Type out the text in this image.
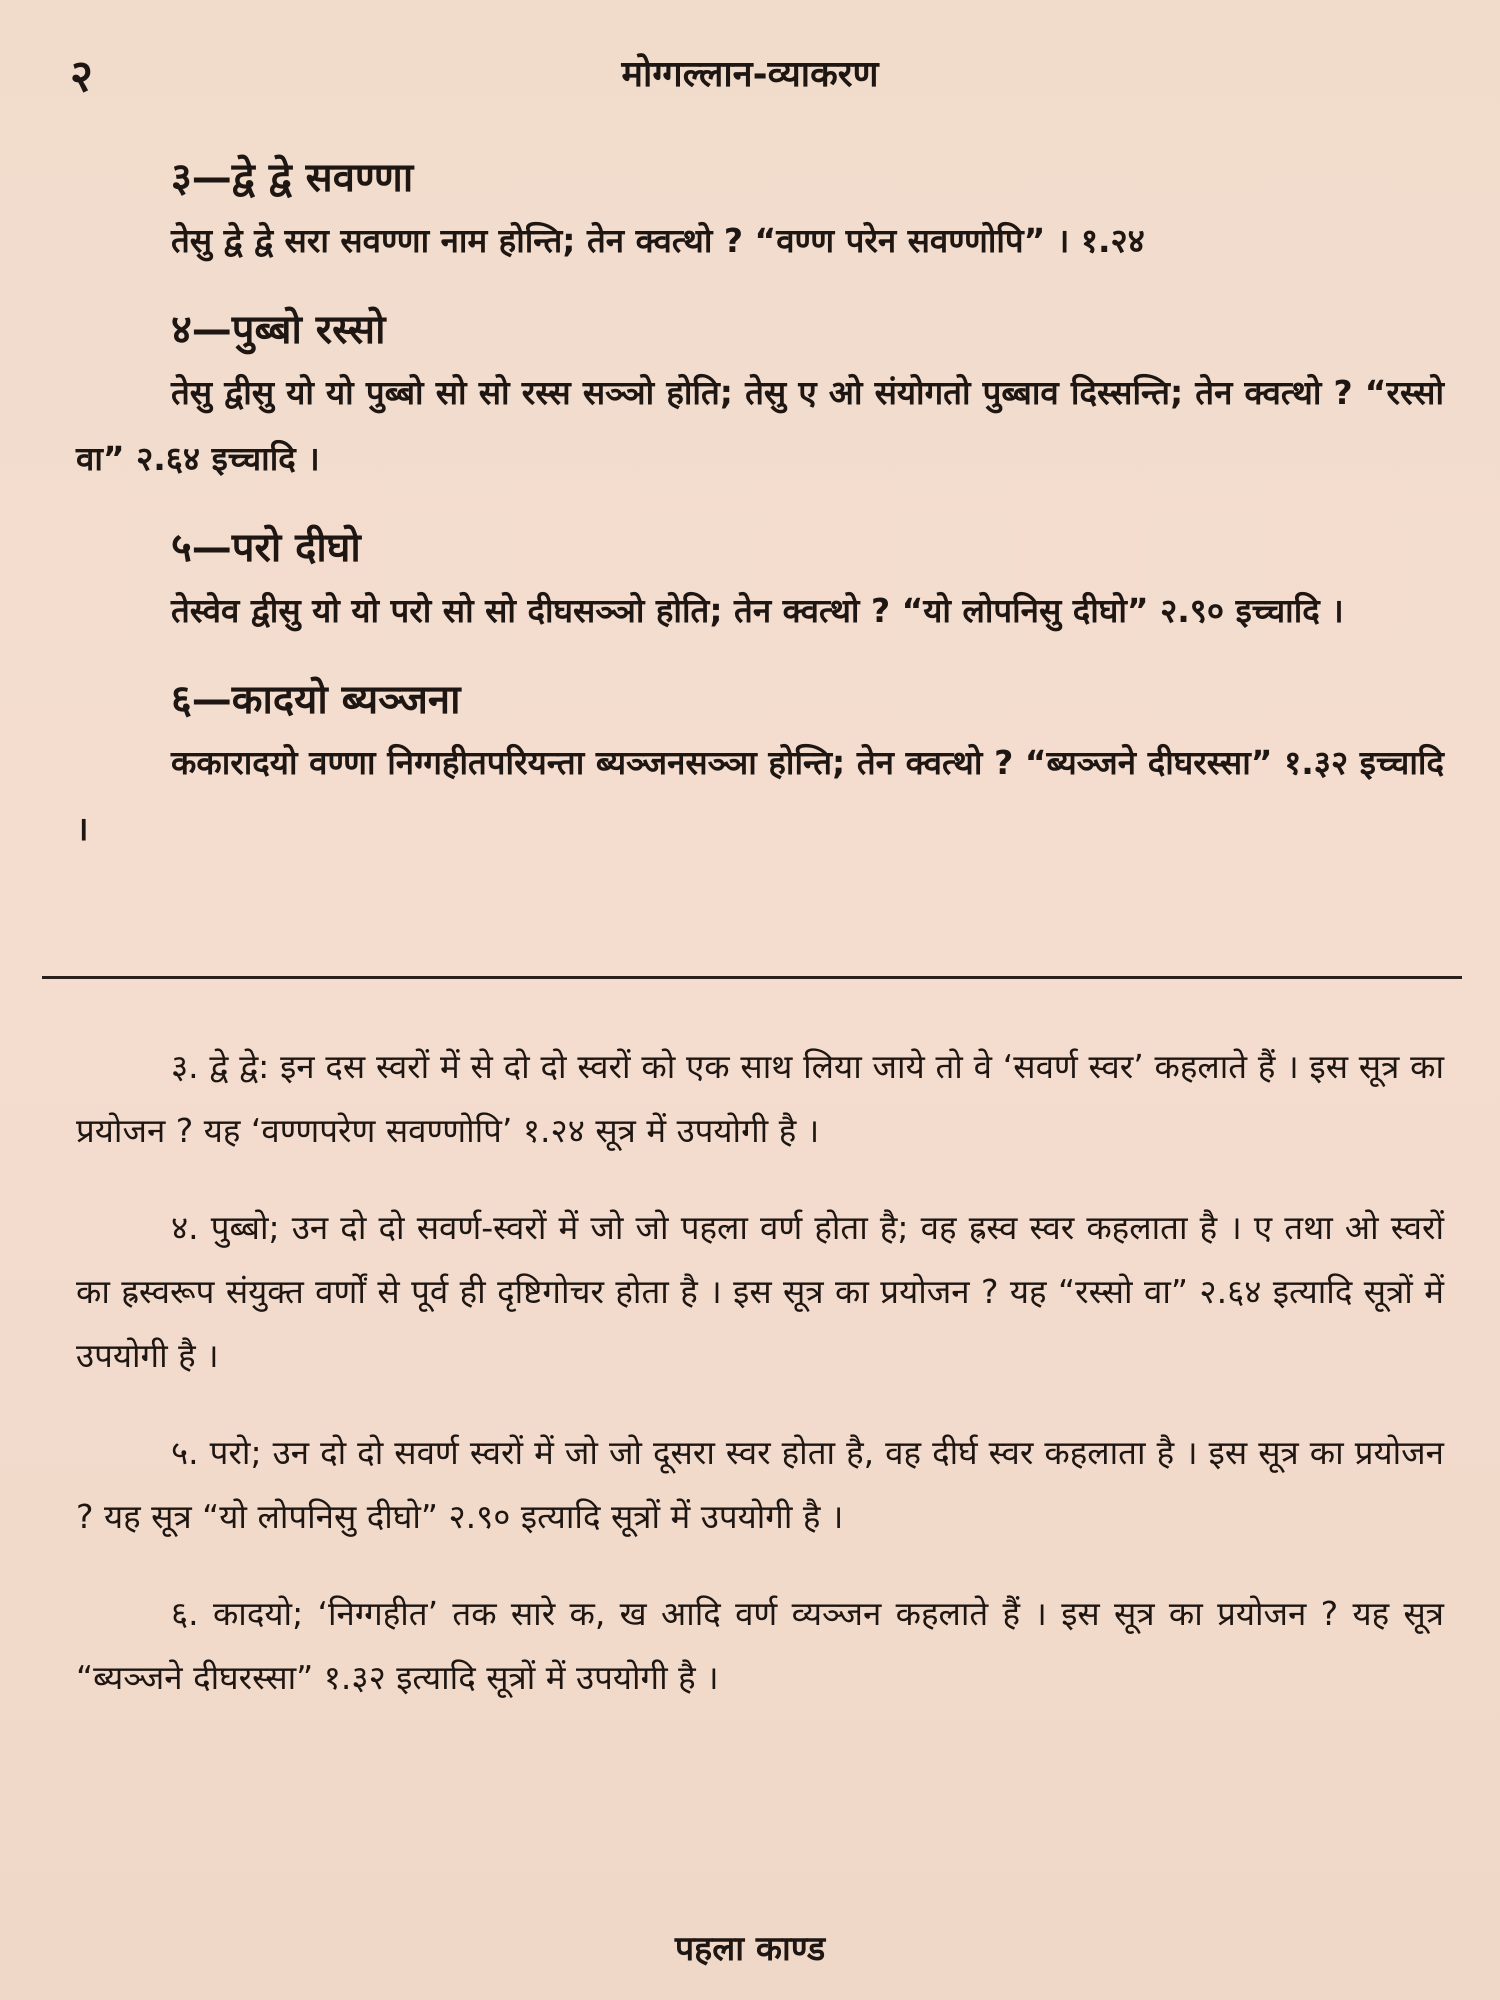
२	मोग्गल्लान-व्याकरण
३—द्वे द्वे सवण्णा
तेसु द्वे द्वे सरा सवण्णा नाम होन्ति; तेन क्वत्थो ? “वण्ण परेन सवण्णोपि” । १.२४
४—पुब्बो रस्सो
तेसु द्वीसु यो यो पुब्बो सो सो रस्स सञ्ञो होति; तेसु ए ओ संयोगतो पुब्बाव दिस्सन्ति; तेन क्वत्थो ? “रस्सो वा” २.६४ इच्चादि ।
५—परो दीघो
तेस्वेव द्वीसु यो यो परो सो सो दीघसञ्ञो होति; तेन क्वत्थो ? “यो लोपनिसु दीघो” २.९० इच्चादि ।
६—कादयो ब्यञ्जना
ककारादयो वण्णा निग्गहीतपरियन्ता ब्यञ्जनसञ्ञा होन्ति; तेन क्वत्थो ? “ब्यञ्जने दीघरस्सा” १.३२ इच्चादि ।

३. द्वे द्वे: इन दस स्वरों में से दो दो स्वरों को एक साथ लिया जाये तो वे ‘सवर्ण स्वर’ कहलाते हैं । इस सूत्र का प्रयोजन ? यह ‘वण्णपरेण सवण्णोपि’ १.२४ सूत्र में उपयोगी है ।

४. पुब्बो; उन दो दो सवर्ण-स्वरों में जो जो पहला वर्ण होता है; वह ह्रस्व स्वर कहलाता है । ए तथा ओ स्वरों का ह्रस्वरूप संयुक्त वर्णों से पूर्व ही दृष्टिगोचर होता है । इस सूत्र का प्रयोजन ? यह “रस्सो वा” २.६४ इत्यादि सूत्रों में उपयोगी है ।

५. परो; उन दो दो सवर्ण स्वरों में जो जो दूसरा स्वर होता है, वह दीर्घ स्वर कहलाता है । इस सूत्र का प्रयोजन ? यह सूत्र “यो लोपनिसु दीघो” २.९० इत्यादि सूत्रों में उपयोगी है ।

६. कादयो; ‘निग्गहीत’ तक सारे क, ख आदि वर्ण व्यञ्जन कहलाते हैं । इस सूत्र का प्रयोजन ? यह सूत्र “ब्यञ्जने दीघरस्सा” १.३२ इत्यादि सूत्रों में उपयोगी है ।

पहला काण्ड
